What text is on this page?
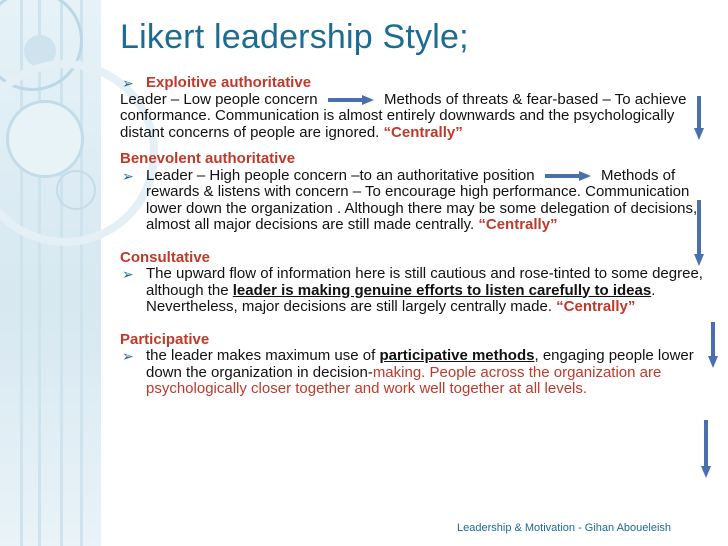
Likert leadership Style;
➢ Exploitive authoritative
Leader – Low people concern	Methods of threats & fear-based – To achieve conformance. Communication is almost entirely downwards and the psychologically distant concerns of people are ignored. “Centrally”
Benevolent authoritative
➢ Leader – High people concern –to an authoritative position	Methods of rewards & listens with concern – To encourage high performance. Communication lower down the organization . Although there may be some delegation of decisions, almost all major decisions are still made centrally. “Centrally”
Consultative
➢ The upward flow of information here is still cautious and rose-tinted to some degree, although the leader is making genuine efforts to listen carefully to ideas. Nevertheless, major decisions are still largely centrally made. “Centrally”
Participative
➢ the leader makes maximum use of participative methods, engaging people lower down the organization in decision-making. People across the organization are psychologically closer together and work well together at all levels.
Leadership & Motivation - Gihan Aboueleish
